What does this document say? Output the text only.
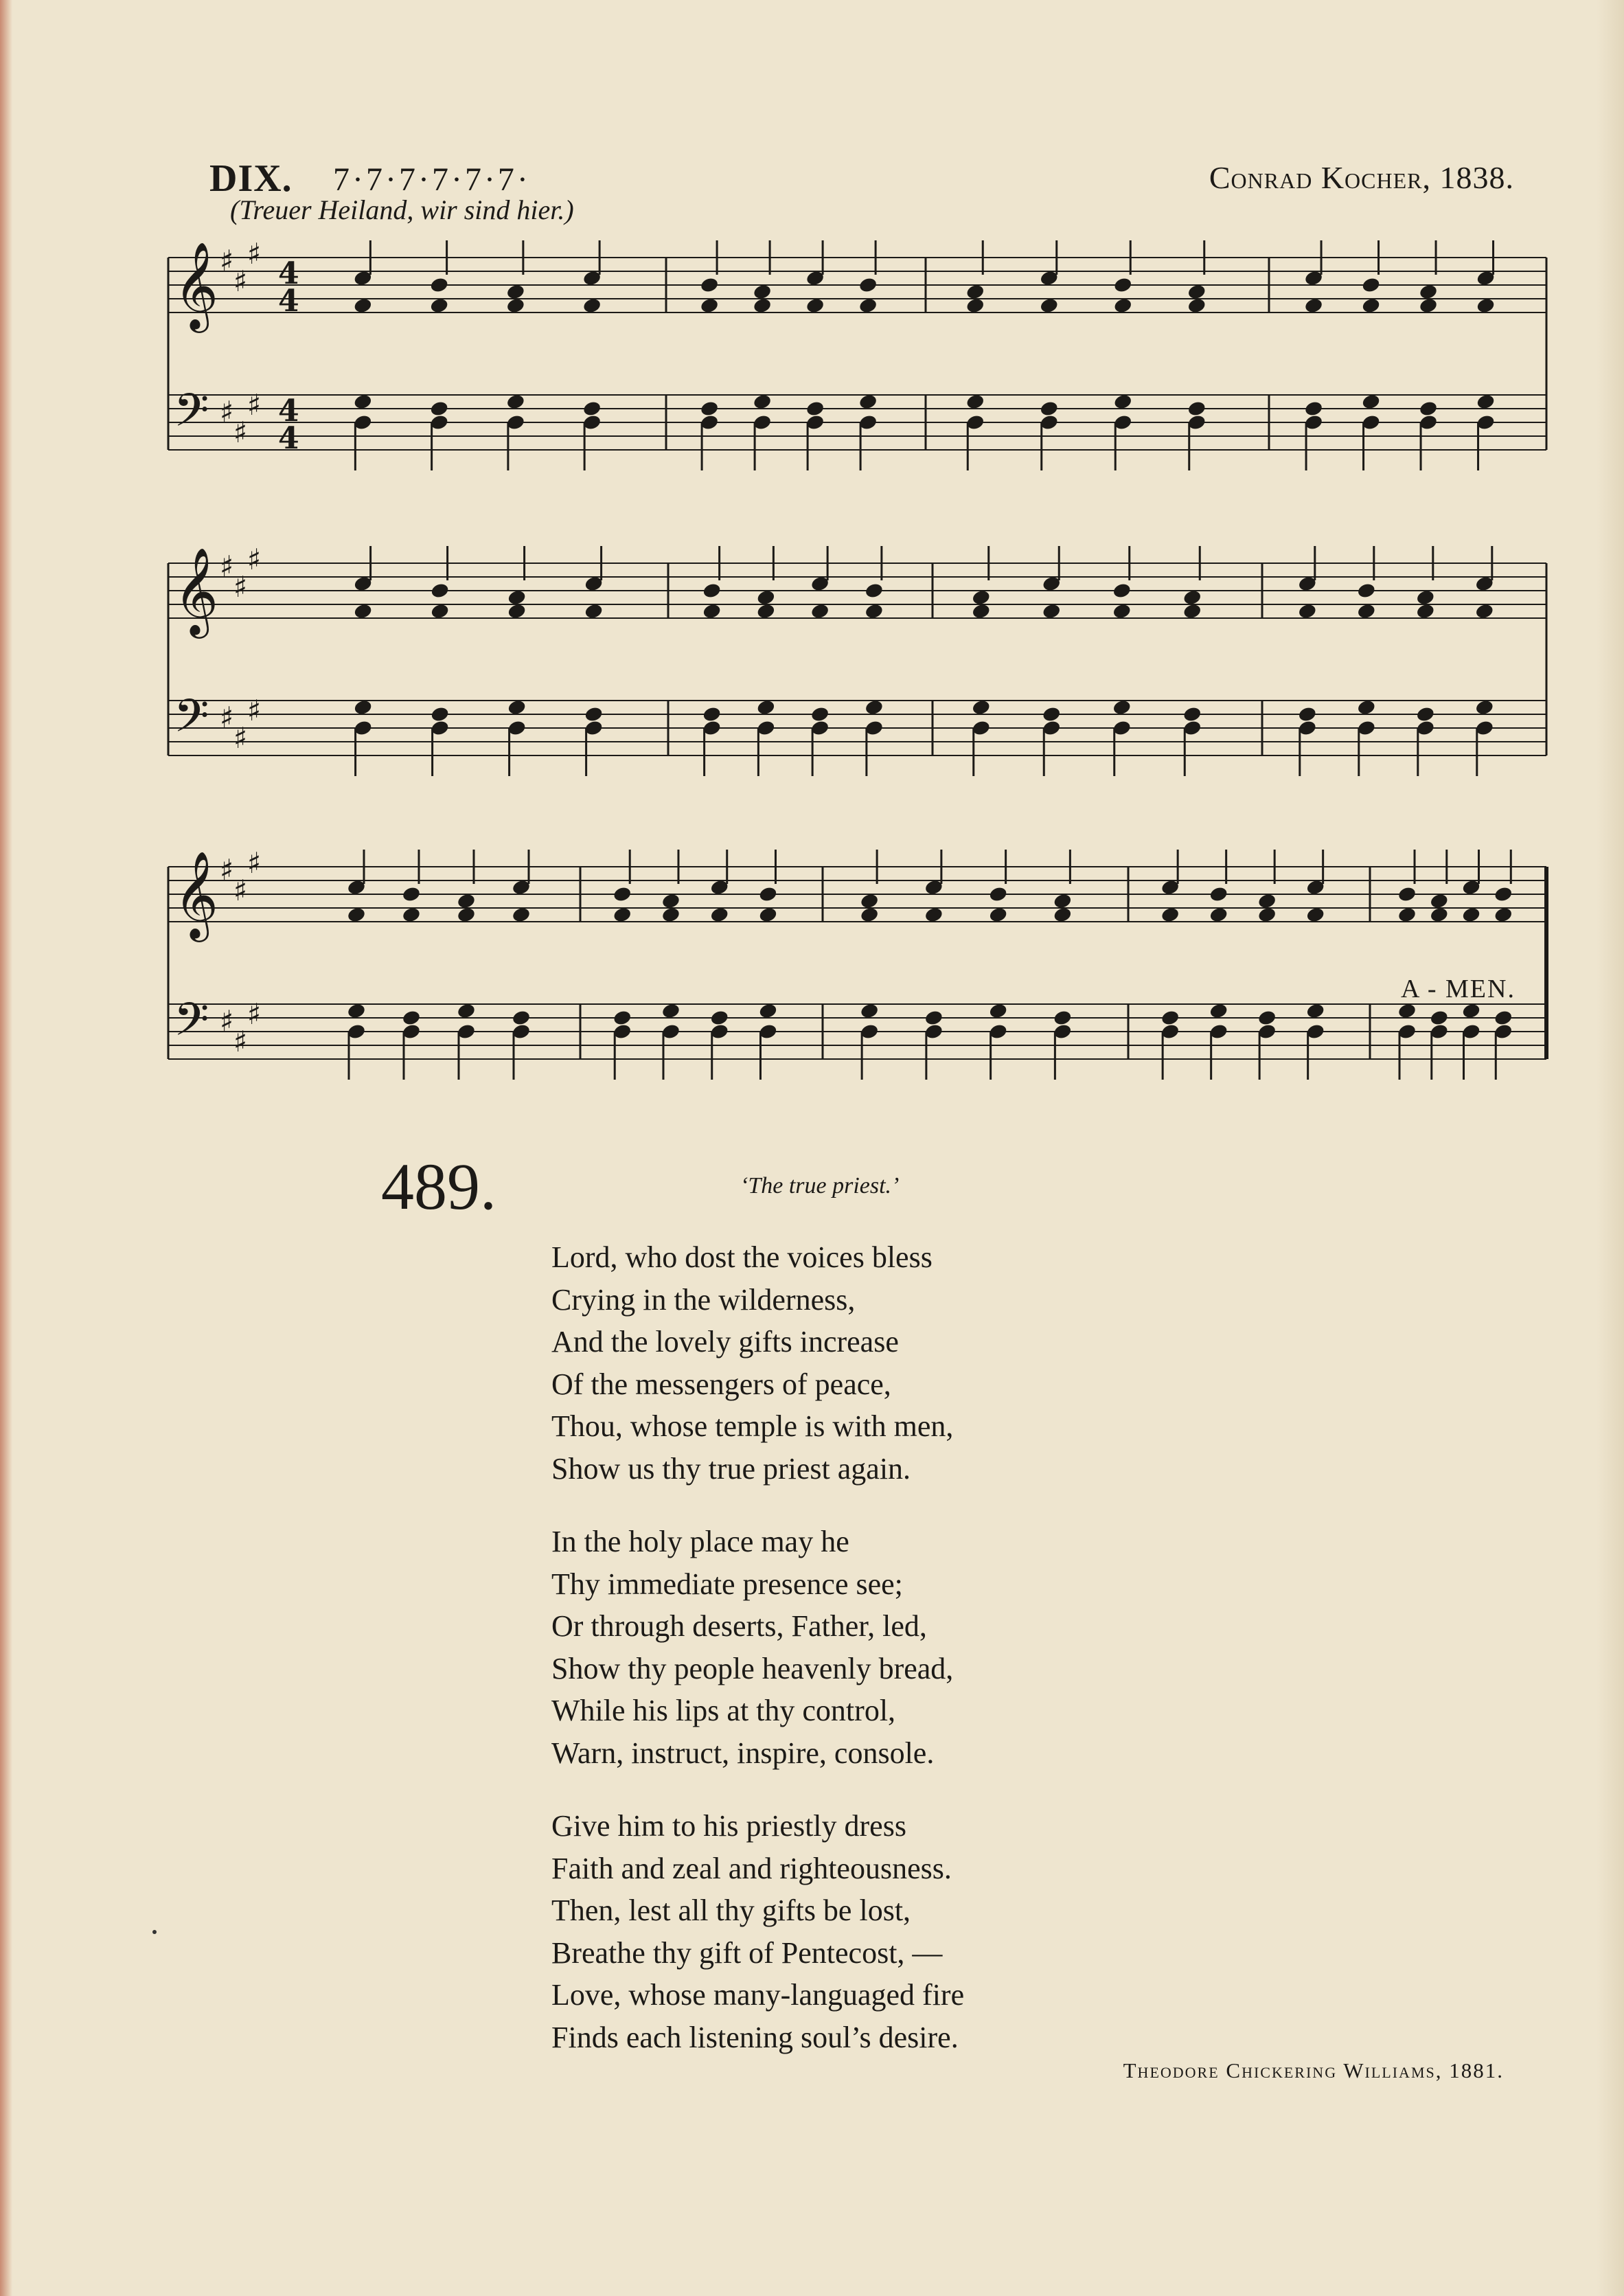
DIX. 7·7·7·7·7·7·	Conrad Kocher, 1838.
(Treuer Heiland, wir sind hier.)
𝄞 ♯
♯
♯
4
4
𝄢 ♯
♯
♯ 4
4
𝄞 ♯
♯
♯
𝄢 ♯
♯
♯
𝄞 ♯
♯
♯
𝄢 ♯
♯
♯
A - MEN.
489.	‘The true priest.’
Lord, who dost the voices bless
Crying in the wilderness,
And the lovely gifts increase
Of the messengers of peace,
Thou, whose temple is with men,
Show us thy true priest again.
In the holy place may he
Thy immediate presence see;
Or through deserts, Father, led,
Show thy people heavenly bread,
While his lips at thy control,
Warn, instruct, inspire, console.
Give him to his priestly dress
Faith and zeal and righteousness.
Then, lest all thy gifts be lost,
Breathe thy gift of Pentecost, —
Love, whose many-languaged fire
Finds each listening soul’s desire.
Theodore Chickering Williams, 1881.
